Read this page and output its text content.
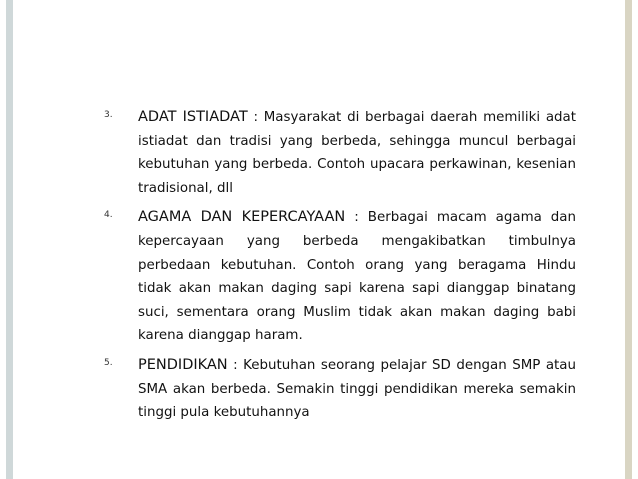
3. ADAT ISTIADAT : Masyarakat di berbagai daerah memiliki adat istiadat dan tradisi yang berbeda, sehingga muncul berbagai kebutuhan yang berbeda. Contoh upacara perkawinan, kesenian tradisional, dll
4. AGAMA DAN KEPERCAYAAN : Berbagai macam agama dan kepercayaan yang berbeda mengakibatkan timbulnya perbedaan kebutuhan. Contoh orang yang beragama Hindu tidak akan makan daging sapi karena sapi dianggap binatang suci, sementara orang Muslim tidak akan makan daging babi karena dianggap haram.
5. PENDIDIKAN : Kebutuhan seorang pelajar SD dengan SMP atau SMA akan berbeda. Semakin tinggi pendidikan mereka semakin tinggi pula kebutuhannya
